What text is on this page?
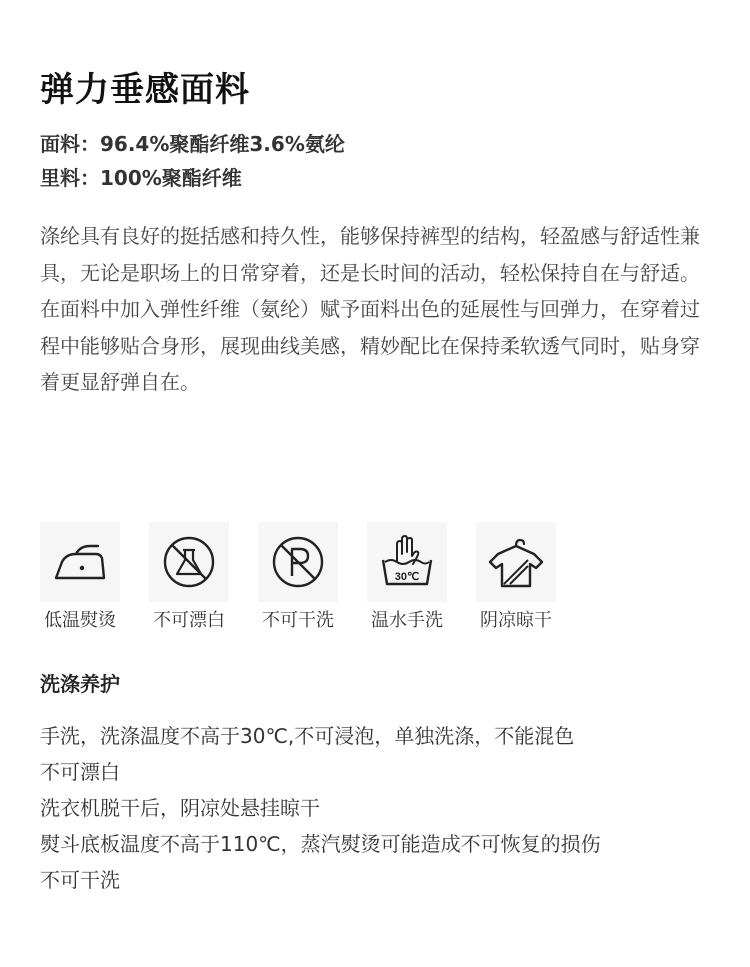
弹力垂感面料
面料：96.4%聚酯纤维3.6%氨纶
里料：100%聚酯纤维

涤纶具有良好的挺括感和持久性，能够保持裤型的结构，轻盈感与舒适性兼具，无论是职场上的日常穿着，还是长时间的活动，轻松保持自在与舒适。在面料中加入弹性纤维（氨纶）赋予面料出色的延展性与回弹力，在穿着过程中能够贴合身形，展现曲线美感，精妙配比在保持柔软透气同时，贴身穿着更显舒弹自在。

低温熨烫 不可漂白 不可干洗
30℃
温水手洗 阴凉晾干
洗涤养护
手洗，洗涤温度不高于30℃,不可浸泡，单独洗涤，不能混色
不可漂白
洗衣机脱干后，阴凉处悬挂晾干
熨斗底板温度不高于110℃，蒸汽熨烫可能造成不可恢复的损伤
不可干洗
